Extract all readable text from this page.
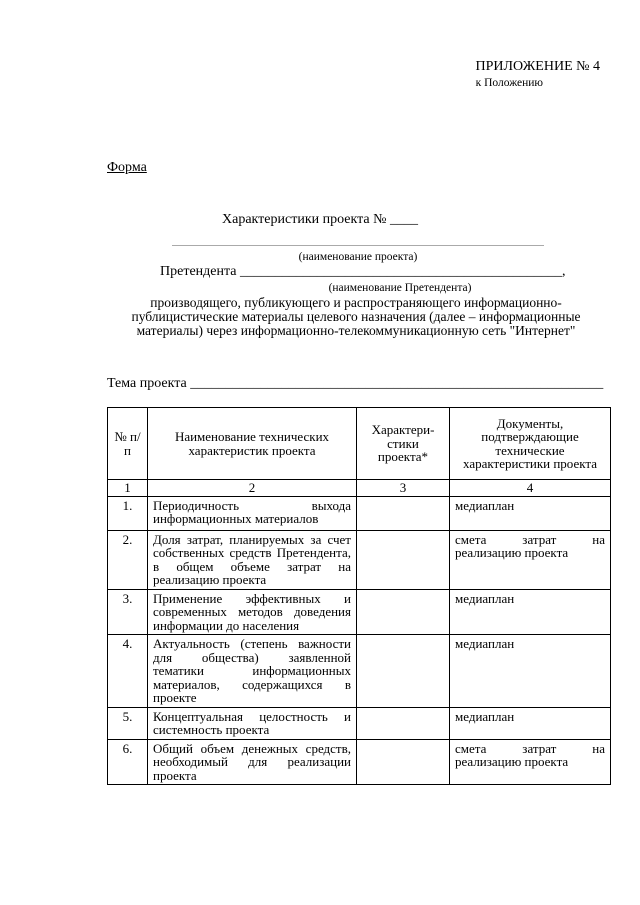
ПРИЛОЖЕНИЕ № 4
к Положению
Форма
Характеристики проекта № ____
(наименование проекта)
Претендента ______________________________________________,
(наименование Претендента)
производящего, публикующего и распространяющего информационно-публицистические материалы целевого назначения (далее – информационные материалы) через информационно-телекоммуникационную сеть "Интернет"
Тема проекта ___________________________________________________________
№ п/п	Наименование технических характеристик проекта	Характери-стики проекта*	Документы, подтверждающие технические характеристики проекта
1	2	3	4
1.	Периодичность выхода информационных материалов		медиаплан
2.	Доля затрат, планируемых за счет собственных средств Претендента, в общем объеме затрат на реализацию проекта		смета затрат на реализацию проекта
3.	Применение эффективных и современных методов доведения информации до населения		медиаплан
4.	Актуальность (степень важности для общества) заявленной тематики информационных материалов, содержащихся в проекте		медиаплан
5.	Концептуальная целостность и системность проекта		медиаплан
6.	Общий объем денежных средств, необходимый для реализации проекта		смета затрат на реализацию проекта
